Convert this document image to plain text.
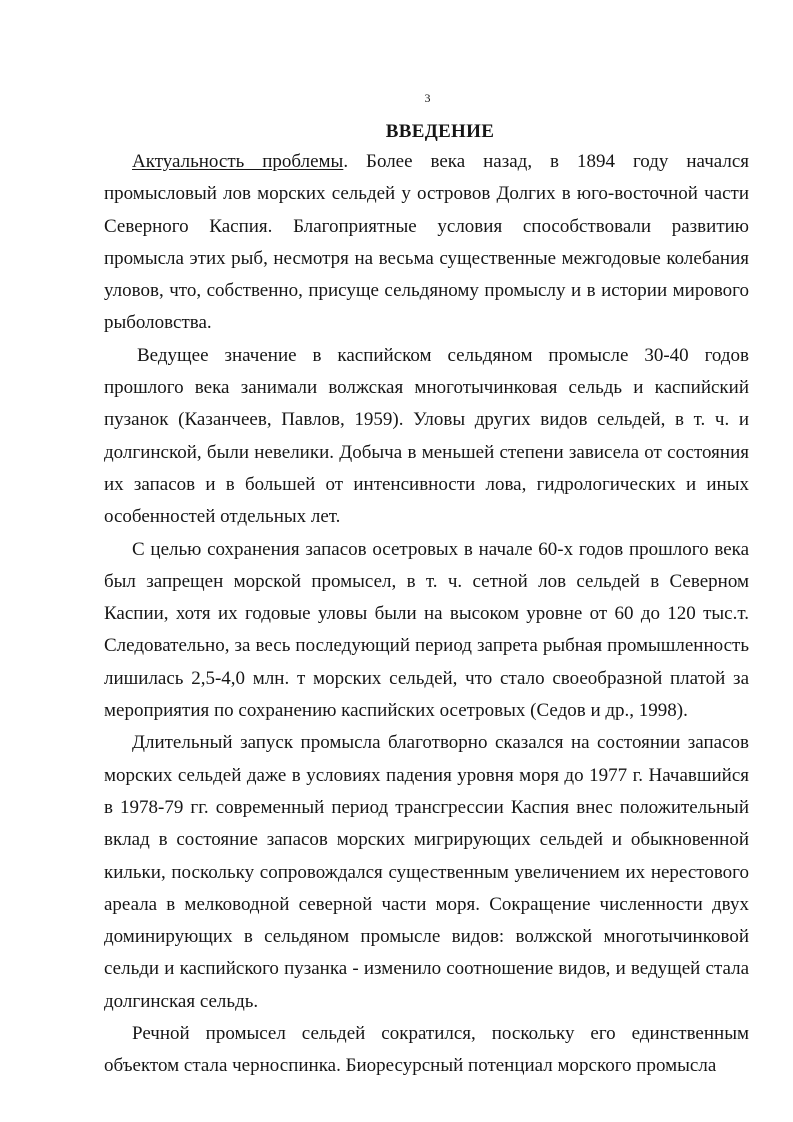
3
ВВЕДЕНИЕ

Актуальность проблемы. Более века назад, в 1894 году начался промысловый лов морских сельдей у островов Долгих в юго-восточной части Северного Каспия. Благоприятные условия способствовали развитию промысла этих рыб, несмотря на весьма существенные межгодовые колебания уловов, что, собственно, присуще сельдяному промыслу и в истории мирового рыболовства.

Ведущее значение в каспийском сельдяном промысле 30-40 годов прошлого века занимали волжская многотычинковая сельдь и каспийский пузанок (Казанчеев, Павлов, 1959). Уловы других видов сельдей, в т. ч. и долгинской, были невелики. Добыча в меньшей степени зависела от состояния их запасов и в большей от интенсивности лова, гидрологических и иных особенностей отдельных лет.

С целью сохранения запасов осетровых в начале 60-х годов прошлого века был запрещен морской промысел, в т. ч. сетной лов сельдей в Северном Каспии, хотя их годовые уловы были на высоком уровне от 60 до 120 тыс.т. Следовательно, за весь последующий период запрета рыбная промышленность лишилась 2,5-4,0 млн. т морских сельдей, что стало своеобразной платой за мероприятия по сохранению каспийских осетровых (Седов и др., 1998).

Длительный запуск промысла благотворно сказался на состоянии запасов морских сельдей даже в условиях падения уровня моря до 1977 г. Начавшийся в 1978-79 гг. современный период трансгрессии Каспия внес положительный вклад в состояние запасов морских мигрирующих сельдей и обыкновенной кильки, поскольку сопровождался существенным увеличением их нерестового ареала в мелководной северной части моря. Сокращение численности двух доминирующих в сельдяном промысле видов: волжской многотычинковой сельди и каспийского пузанка - изменило соотношение видов, и ведущей стала долгинская сельдь.

Речной промысел сельдей сократился, поскольку его единственным объектом стала черноспинка. Биоресурсный потенциал морского промысла
